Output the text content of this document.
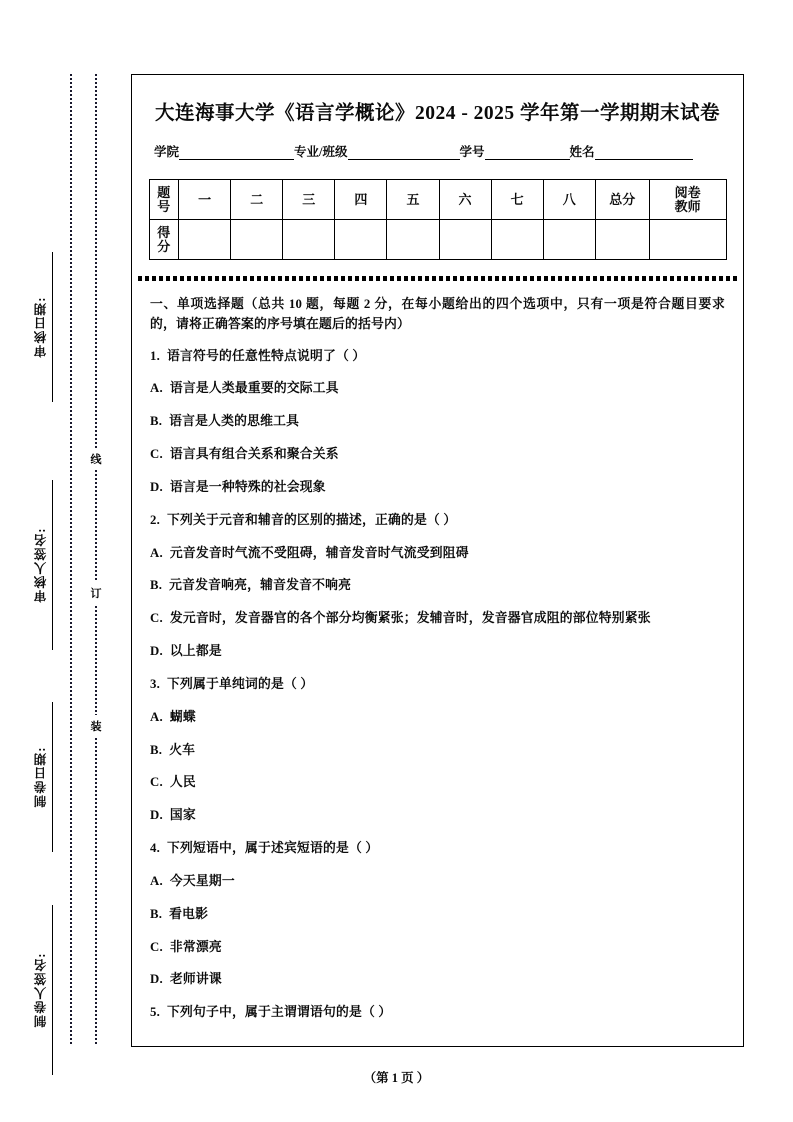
审核日期:
审核人签名:
制卷日期:
制卷人签名:
线
订
装
大连海事大学《语言学概论》2024 - 2025 学年第一学期期末试卷
学院	专业/班级	学号	姓名
题
号	一	二	三	四	五	六	七	八	总分	阅卷
教师

得
分										

一、单项选择题（总共 10 题，每题 2 分，在每小题给出的四个选项中，只有一项是符合题目要求的，请将正确答案的序号填在题后的括号内）
1. 语言符号的任意性特点说明了（ ）
A. 语言是人类最重要的交际工具
B. 语言是人类的思维工具
C. 语言具有组合关系和聚合关系
D. 语言是一种特殊的社会现象
2. 下列关于元音和辅音的区别的描述，正确的是（ ）
A. 元音发音时气流不受阻碍，辅音发音时气流受到阻碍
B. 元音发音响亮，辅音发音不响亮
C. 发元音时，发音器官的各个部分均衡紧张；发辅音时，发音器官成阻的部位特别紧张
D. 以上都是
3. 下列属于单纯词的是（ ）
A. 蝴蝶
B. 火车
C. 人民
D. 国家
4. 下列短语中，属于述宾短语的是（ ）
A. 今天星期一
B. 看电影
C. 非常漂亮
D. 老师讲课
5. 下列句子中，属于主谓谓语句的是（ ）
（第 1 页 ）
